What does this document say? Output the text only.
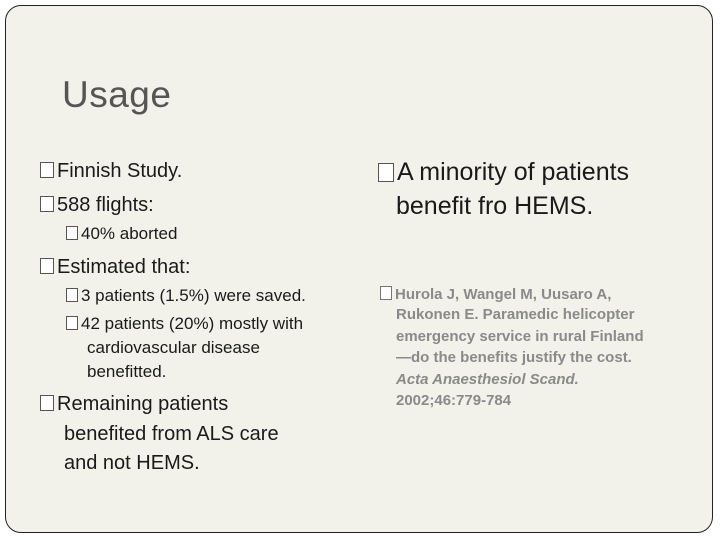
Usage
Finnish Study.
588 flights:
40% aborted
Estimated that:
3 patients (1.5%) were saved.
42 patients (20%) mostly with
cardiovascular disease
benefitted.
Remaining patients
benefited from ALS care
and not HEMS.
A minority of patients
benefit fro HEMS.
Hurola J, Wangel M, Uusaro A,
Rukonen E. Paramedic helicopter
emergency service in rural Finland
—do the benefits justify the cost.
Acta Anaesthesiol Scand.
2002;46:779-784
